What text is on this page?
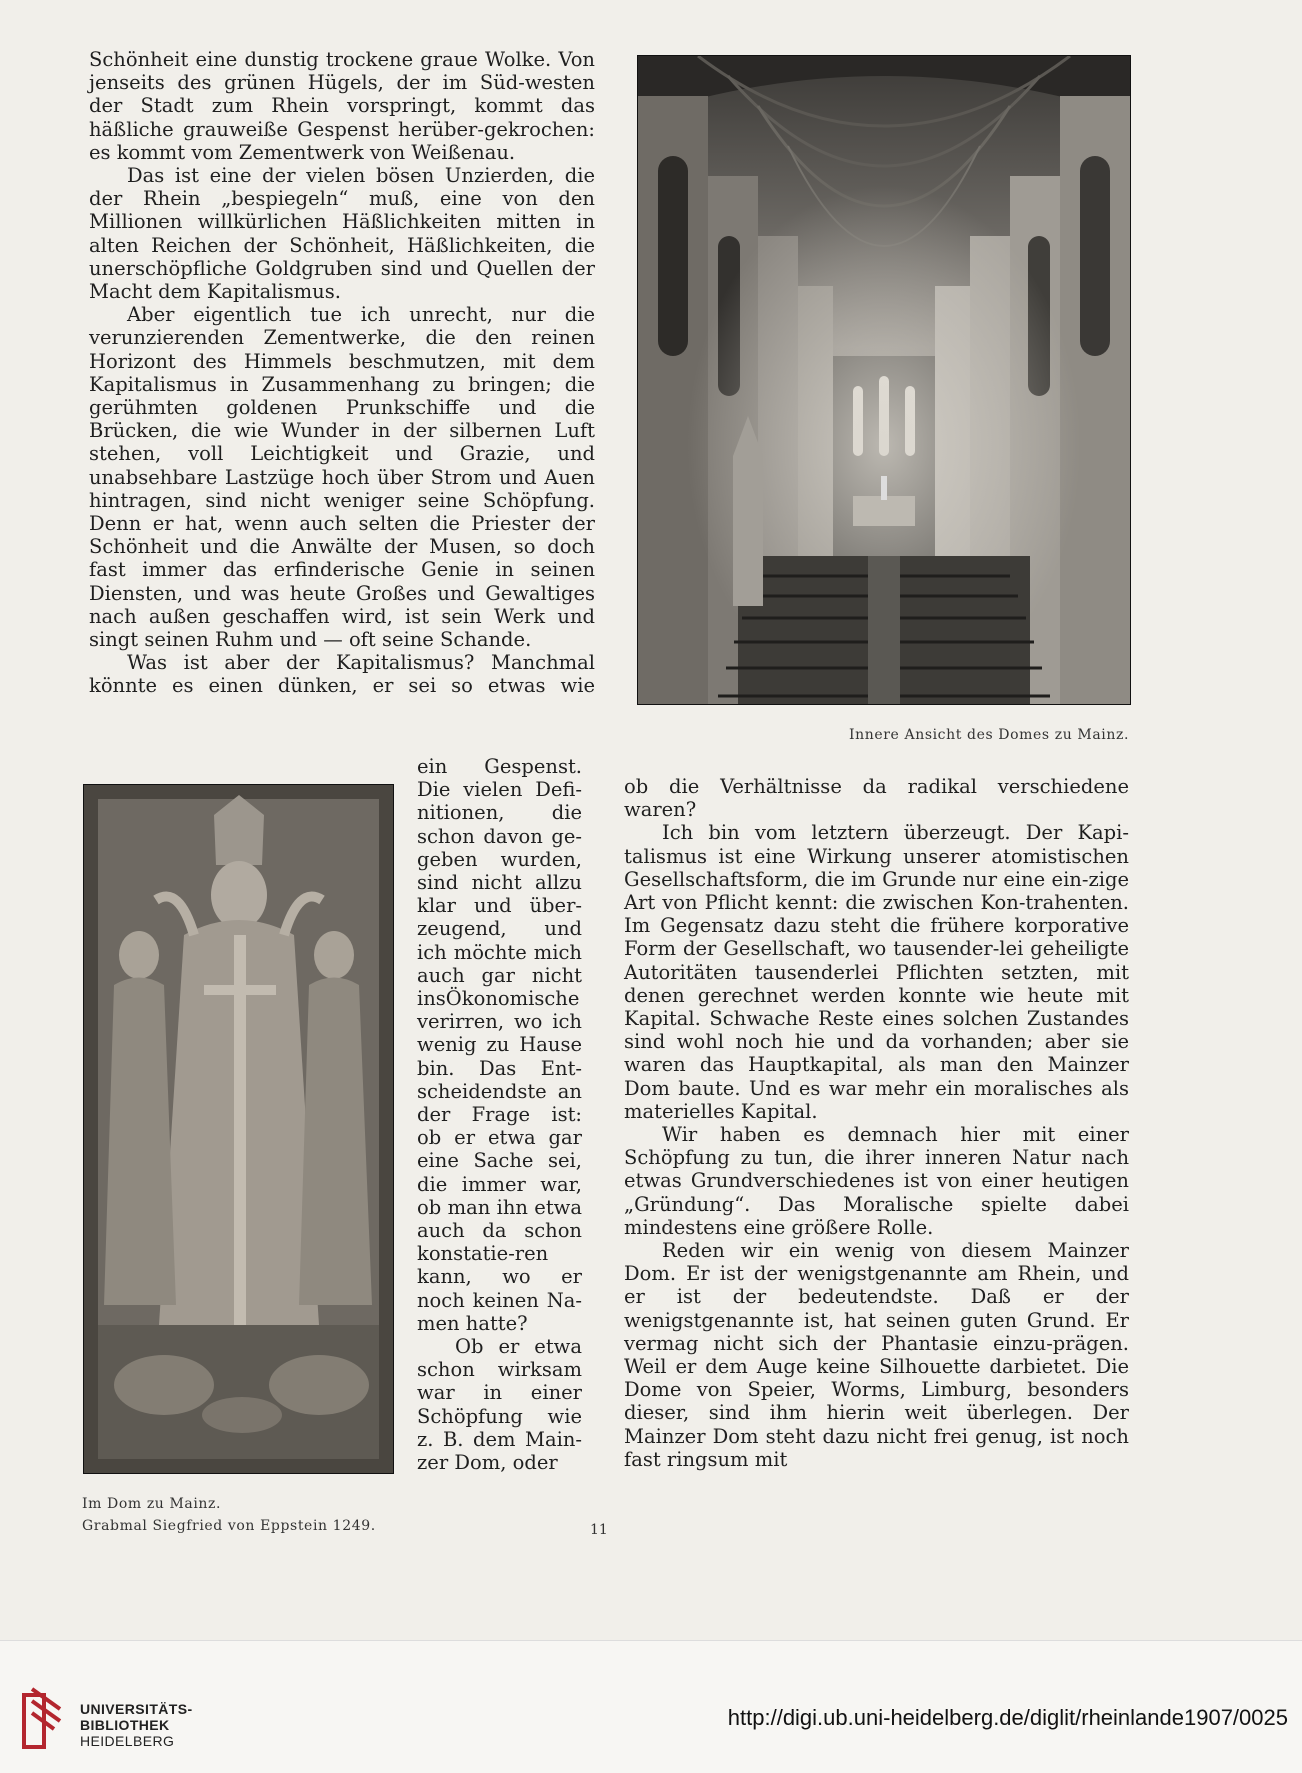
Schönheit eine dunstig trockene graue Wolke. Von jenseits des grünen Hügels, der im Süd-westen der Stadt zum Rhein vorspringt, kommt das häßliche grauweiße Gespenst herüber-gekrochen: es kommt vom Zementwerk von Weißenau.

Das ist eine der vielen bösen Unzierden, die der Rhein „bespiegeln“ muß, eine von den Millionen willkürlichen Häßlichkeiten mitten in alten Reichen der Schönheit, Häßlichkeiten, die unerschöpfliche Goldgruben sind und Quellen der Macht dem Kapitalismus.

Aber eigentlich tue ich unrecht, nur die verunzierenden Zementwerke, die den reinen Horizont des Himmels beschmutzen, mit dem Kapitalismus in Zusammenhang zu bringen; die gerühmten goldenen Prunkschiffe und die Brücken, die wie Wunder in der silbernen Luft stehen, voll Leichtigkeit und Grazie, und unabsehbare Lastzüge hoch über Strom und Auen hintragen, sind nicht weniger seine Schöpfung. Denn er hat, wenn auch selten die Priester der Schönheit und die Anwälte der Musen, so doch fast immer das erfinderische Genie in seinen Diensten, und was heute Großes und Gewaltiges nach außen geschaffen wird, ist sein Werk und singt seinen Ruhm und — oft seine Schande.

Was ist aber der Kapitalismus? Manchmal könnte es einen dünken, er sei so etwas wie

ein Gespenst. Die vielen Defi-nitionen, die schon davon ge-geben wurden, sind nicht allzu klar und über-zeugend, und ich möchte mich auch gar nicht insÖkonomische verirren, wo ich wenig zu Hause bin. Das Ent-scheidendste an der Frage ist: ob er etwa gar eine Sache sei, die immer war, ob man ihn etwa auch da schon konstatie-ren kann, wo er noch keinen Na-men hatte?

Ob er etwa schon wirksam war in einer Schöpfung wie z. B. dem Main-zer Dom, oder

ob die Verhältnisse da radikal verschiedene waren?

Ich bin vom letztern überzeugt. Der Kapi-talismus ist eine Wirkung unserer atomistischen Gesellschaftsform, die im Grunde nur eine ein-zige Art von Pflicht kennt: die zwischen Kon-trahenten. Im Gegensatz dazu steht die frühere korporative Form der Gesellschaft, wo tausender-lei geheiligte Autoritäten tausenderlei Pflichten setzten, mit denen gerechnet werden konnte wie heute mit Kapital. Schwache Reste eines solchen Zustandes sind wohl noch hie und da vorhanden; aber sie waren das Hauptkapital, als man den Mainzer Dom baute. Und es war mehr ein moralisches als materielles Kapital.

Wir haben es demnach hier mit einer Schöpfung zu tun, die ihrer inneren Natur nach etwas Grundverschiedenes ist von einer heutigen „Gründung“. Das Moralische spielte dabei mindestens eine größere Rolle.

Reden wir ein wenig von diesem Mainzer Dom. Er ist der wenigstgenannte am Rhein, und er ist der bedeutendste. Daß er der wenigstgenannte ist, hat seinen guten Grund. Er vermag nicht sich der Phantasie einzu-prägen. Weil er dem Auge keine Silhouette darbietet. Die Dome von Speier, Worms, Limburg, besonders dieser, sind ihm hierin weit überlegen. Der Mainzer Dom steht dazu nicht frei genug, ist noch fast ringsum mit

Innere Ansicht des Domes zu Mainz.
Im Dom zu Mainz.
Grabmal Siegfried von Eppstein 1249.	11
UNIVERSITÄTS-
BIBLIOTHEK
HEIDELBERG
http://digi.ub.uni-heidelberg.de/diglit/rheinlande1907/0025
